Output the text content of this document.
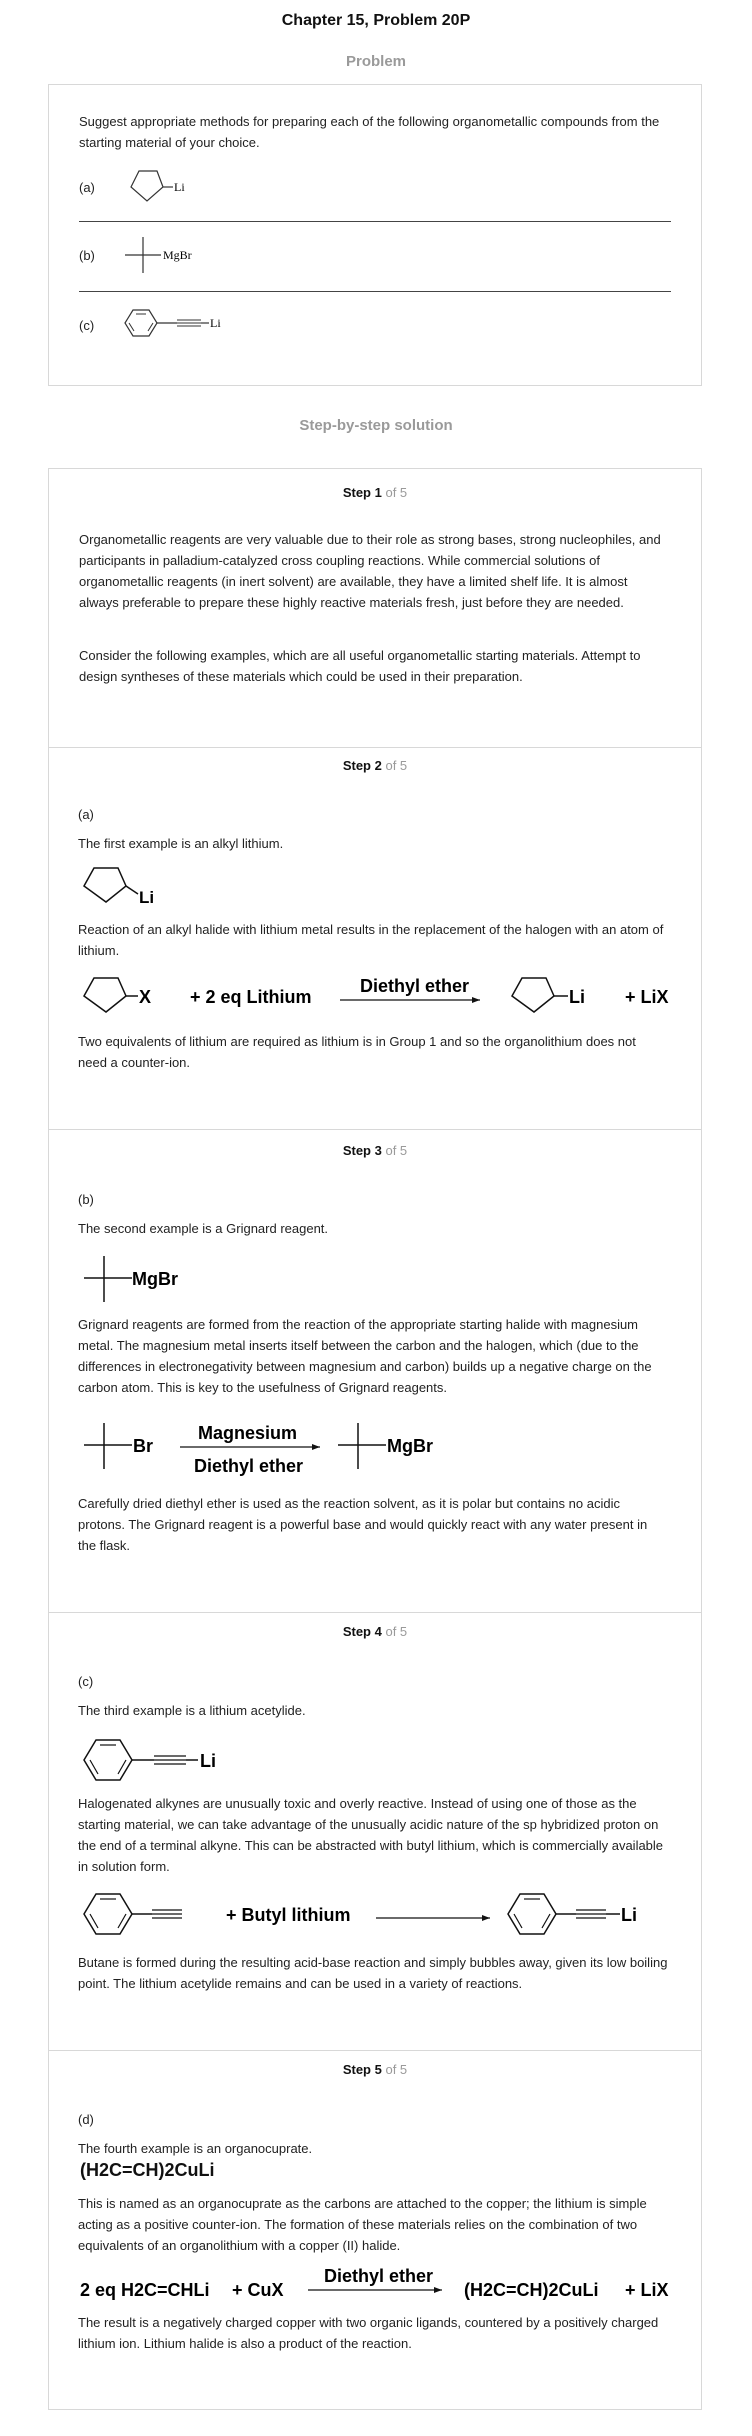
Chapter 15, Problem 20P
Problem

Suggest appropriate methods for preparing each of the following organometallic compounds from the starting material of your choice.

(a)	Li
(b)	MgBr
(c)	Li
Step-by-step solution
Step 1 of 5

Organometallic reagents are very valuable due to their role as strong bases, strong nucleophiles, and participants in palladium-catalyzed cross coupling reactions. While commercial solutions of organometallic reagents (in inert solvent) are available, they have a limited shelf life. It is almost always preferable to prepare these highly reactive materials fresh, just before they are needed.

Consider the following examples, which are all useful organometallic starting materials. Attempt to design syntheses of these materials which could be used in their preparation.

Step 2 of 5
(a)
The first example is an alkyl lithium.
Li

Reaction of an alkyl halide with lithium metal results in the replacement of the halogen with an atom of lithium.

X + 2 eq Lithium
Diethyl ether
Li + LiX

Two equivalents of lithium are required as lithium is in Group 1 and so the organolithium does not need a counter-ion.

Step 3 of 5
(b)
The second example is a Grignard reagent.
MgBr

Grignard reagents are formed from the reaction of the appropriate starting halide with magnesium metal. The magnesium metal inserts itself between the carbon and the halogen, which (due to the differences in electronegativity between magnesium and carbon) builds up a negative charge on the carbon atom. This is key to the usefulness of Grignard reagents.

Br
Magnesium
Diethyl ether
MgBr

Carefully dried diethyl ether is used as the reaction solvent, as it is polar but contains no acidic protons. The Grignard reagent is a powerful base and would quickly react with any water present in the flask.

Step 4 of 5
(c)
The third example is a lithium acetylide.
Li

Halogenated alkynes are unusually toxic and overly reactive. Instead of using one of those as the starting material, we can take advantage of the unusually acidic nature of the sp hybridized proton on the end of a terminal alkyne. This can be abstracted with butyl lithium, which is commercially available in solution form.

+ Butyl lithium	Li

Butane is formed during the resulting acid-base reaction and simply bubbles away, given its low boiling point. The lithium acetylide remains and can be used in a variety of reactions.

Step 5 of 5
(d)
The fourth example is an organocuprate.
(H2C=CH)2CuLi

This is named as an organocuprate as the carbons are attached to the copper; the lithium is simple acting as a positive counter-ion. The formation of these materials relies on the combination of two equivalents of an organolithium with a copper (II) halide.

2 eq H2C=CHLi + CuX
Diethyl ether
(H2C=CH)2CuLi + LiX

The result is a negatively charged copper with two organic ligands, countered by a positively charged lithium ion. Lithium halide is also a product of the reaction.
